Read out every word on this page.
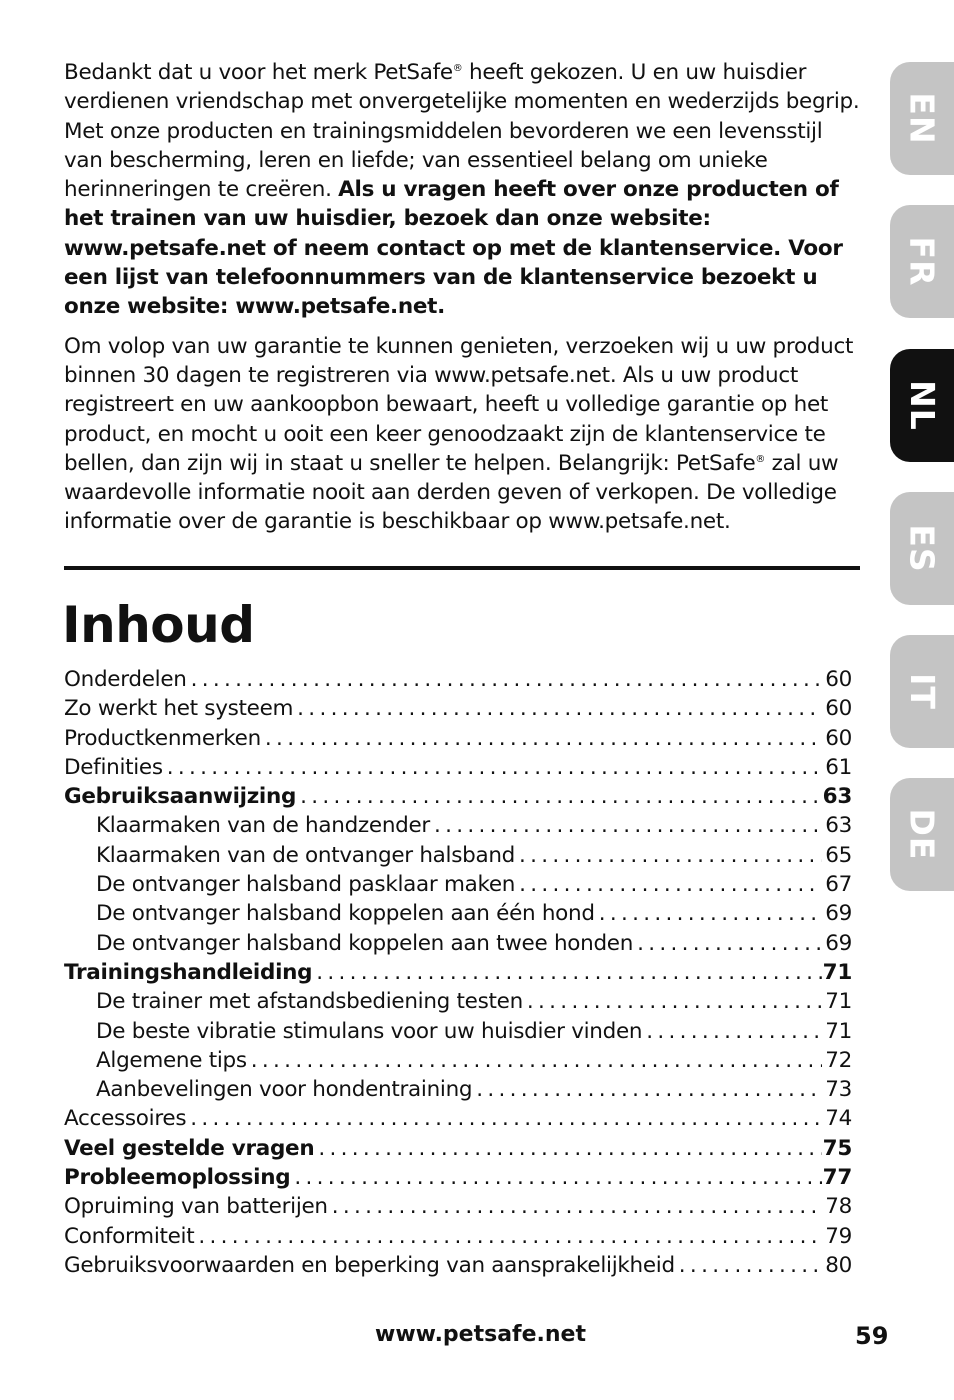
Bedankt dat u voor het merk PetSafe® heeft gekozen. U en uw huisdier verdienen vriendschap met onvergetelijke momenten en wederzijds begrip. Met onze producten en trainingsmiddelen bevorderen we een levensstijl van bescherming, leren en liefde; van essentieel belang om unieke herinneringen te creëren. Als u vragen heeft over onze producten of het trainen van uw huisdier, bezoek dan onze website: www.petsafe.net of neem contact op met de klantenservice. Voor een lijst van telefoonnummers van de klantenservice bezoekt u onze website: www.petsafe.net.

Om volop van uw garantie te kunnen genieten, verzoeken wij u uw product binnen 30 dagen te registreren via www.petsafe.net. Als u uw product registreert en uw aankoopbon bewaart, heeft u volledige garantie op het product, en mocht u ooit een keer genoodzaakt zijn de klantenservice te bellen, dan zijn wij in staat u sneller te helpen. Belangrijk: PetSafe® zal uw waardevolle informatie nooit aan derden geven of verkopen. De volledige informatie over de garantie is beschikbaar op www.petsafe.net.

Inhoud
Onderdelen .....	60
Zo werkt het systeem .....	60
Productkenmerken .....	60
Definities .....	61
Gebruiksaanwijzing .....	63
Klaarmaken van de handzender .....	63
Klaarmaken van de ontvanger halsband .....	65
De ontvanger halsband pasklaar maken .....	67
De ontvanger halsband koppelen aan één hond .....	69
De ontvanger halsband koppelen aan twee honden .....	69
Trainingshandleiding .....	71
De trainer met afstandsbediening testen .....	71
De beste vibratie stimulans voor uw huisdier vinden .....	71
Algemene tips .....	72
Aanbevelingen voor hondentraining .....	73
Accessoires .....	74
Veel gestelde vragen .....	75
Probleemoplossing .....	77
Opruiming van batterijen .....	78
Conformiteit .....	79
Gebruiksvoorwaarden en beperking van aansprakelijkheid .....	80
EN
FR
NL
ES
IT
DE
www.petsafe.net	59
